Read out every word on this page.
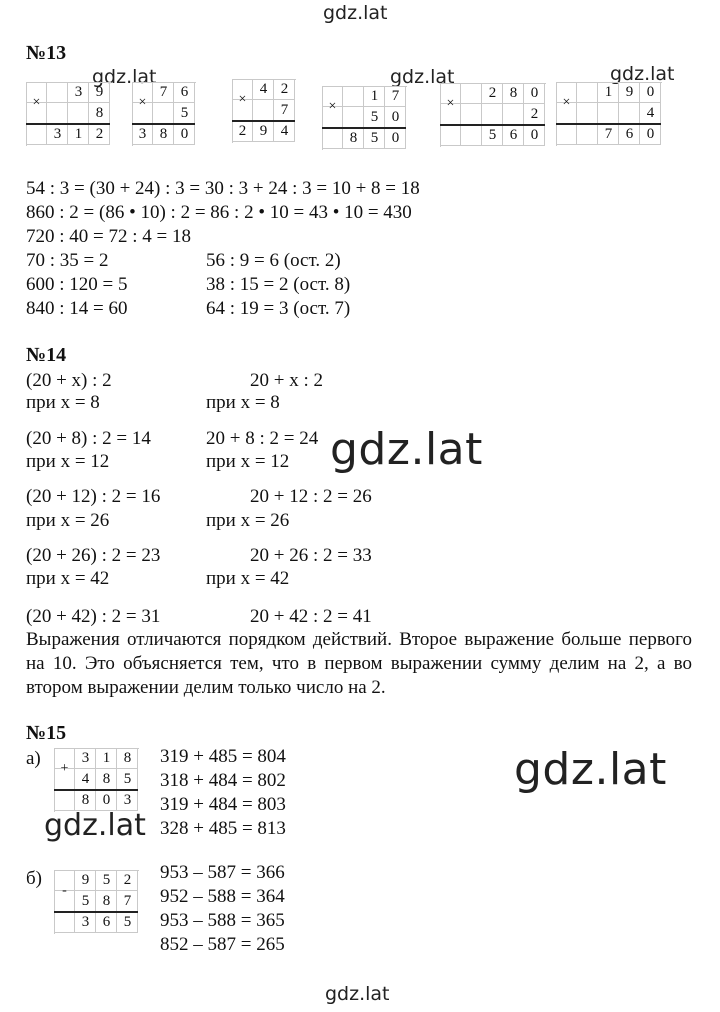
gdz.lat
gdz.lat	gdz.lat	gdz.lat
gdz.lat
gdz.lat
gdz.lat
gdz.lat
№13
3 9
8
3 1 2
×
7 6
5
3 8 0
×
4 2
7
2 9 4
×	1 7
5 0
8 5 0
×
2 8 0
2
5 6 0
×
1 9 0
4
7 6 0
×
54 : 3 = (30 + 24) : 3 = 30 : 3 + 24 : 3 = 10 + 8 = 18
860 : 2 = (86 • 10) : 2 = 86 : 2 • 10 = 43 • 10 = 430
720 : 40 = 72 : 4 = 18
70 : 35 = 2	56 : 9 = 6 (ост. 2)
600 : 120 = 5	38 : 15 = 2 (ост. 8)
840 : 14 = 60	64 : 19 = 3 (ост. 7)
№14
(20 + x) : 2	20 + x : 2
при x = 8	при x = 8
(20 + 8) : 2 = 14	20 + 8 : 2 = 24
при x = 12	при x = 12
(20 + 12) : 2 = 16	20 + 12 : 2 = 26
при x = 26	при x = 26
(20 + 26) : 2 = 23	20 + 26 : 2 = 33
при x = 42	при x = 42
(20 + 42) : 2 = 31	20 + 42 : 2 = 41
Выражения отличаются порядком действий. Второе выражение больше первого на 10. Это объясняется тем, что в первом выражении сумму делим на 2, а во втором выражении делим только число на 2.
№15
а)	319 + 485 = 804
318 + 484 = 802
319 + 484 = 803
328 + 485 = 813
б)	953 – 587 = 366
952 – 588 = 364
953 – 588 = 365
852 – 587 = 265
3 1 8
4 8 5
8 0 3
+
9 5 2
5 8 7
3 6 5
-
